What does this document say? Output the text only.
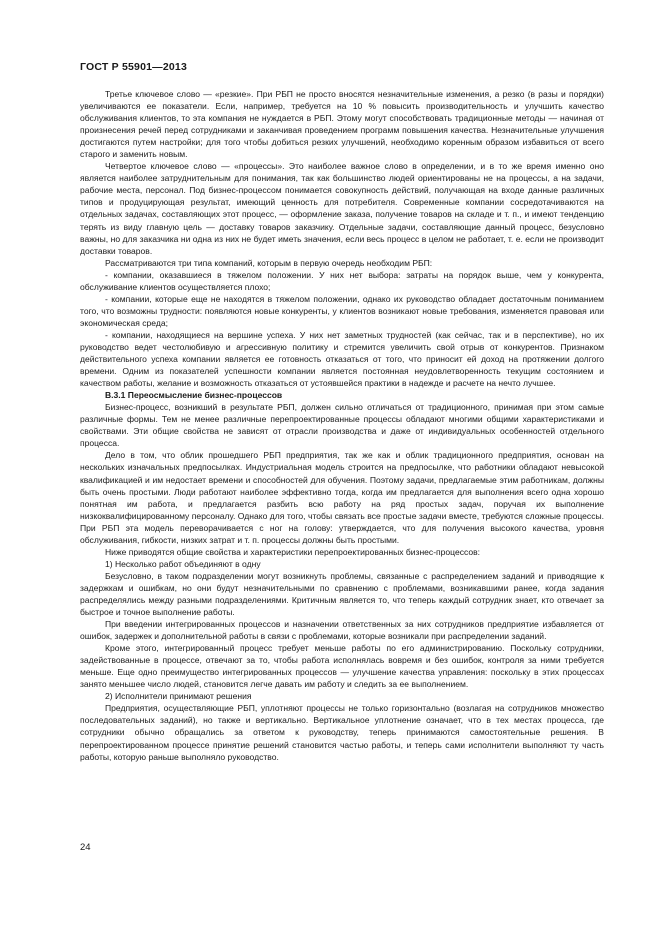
ГОСТ Р 55901—2013

Третье ключевое слово — «резкие». При РБП не просто вносятся незначительные изменения, а резко (в разы и порядки) увеличиваются ее показатели. Если, например, требуется на 10 % повысить производительность и улучшить качество обслуживания клиентов, то эта компания не нуждается в РБП. Этому могут способствовать традиционные методы — начиная от произнесения речей перед сотрудниками и заканчивая проведением программ повышения качества. Незначительные улучшения достигаются путем настройки; для того чтобы добиться резких улучшений, необходимо коренным образом избавиться от всего старого и заменить новым.

Четвертое ключевое слово — «процессы». Это наиболее важное слово в определении, и в то же время именно оно является наиболее затруднительным для понимания, так как большинство людей ориентированы не на процессы, а на задачи, рабочие места, персонал. Под бизнес-процессом понимается совокупность действий, получающая на входе данные различных типов и продуцирующая результат, имеющий ценность для потребителя. Современные компании сосредотачиваются на отдельных задачах, составляющих этот процесс, — оформление заказа, получение товаров на складе и т. п., и имеют тенденцию терять из виду главную цель — доставку товаров заказчику. Отдельные задачи, составляющие данный процесс, безусловно важны, но для заказчика ни одна из них не будет иметь значения, если весь процесс в целом не работает, т. е. если не производит доставки товаров.

Рассматриваются три типа компаний, которым в первую очередь необходим РБП:

- компании, оказавшиеся в тяжелом положении. У них нет выбора: затраты на порядок выше, чем у конкурента, обслуживание клиентов осуществляется плохо;

- компании, которые еще не находятся в тяжелом положении, однако их руководство обладает достаточным пониманием того, что возможны трудности: появляются новые конкуренты, у клиентов возникают новые требования, изменяется правовая или экономическая среда;

- компании, находящиеся на вершине успеха. У них нет заметных трудностей (как сейчас, так и в перспективе), но их руководство ведет честолюбивую и агрессивную политику и стремится увеличить свой отрыв от конкурентов. Признаком действительного успеха компании является ее готовность отказаться от того, что приносит ей доход на протяжении долгого времени. Одним из показателей успешности компании является постоянная неудовлетворенность текущим состоянием и качеством работы, желание и возможность отказаться от устоявшейся практики в надежде и расчете на нечто лучшее.

В.3.1 Переосмысление бизнес-процессов

Бизнес-процесс, возникший в результате РБП, должен сильно отличаться от традиционного, принимая при этом самые различные формы. Тем не менее различные перепроектированные процессы обладают многими общими характеристиками и свойствами. Эти общие свойства не зависят от отрасли производства и даже от индивидуальных особенностей отдельного процесса.

Дело в том, что облик прошедшего РБП предприятия, так же как и облик традиционного предприятия, основан на нескольких изначальных предпосылках. Индустриальная модель строится на предпосылке, что работники обладают невысокой квалификацией и им недостает времени и способностей для обучения. Поэтому задачи, предлагаемые этим работникам, должны быть очень простыми. Люди работают наиболее эффективно тогда, когда им предлагается для выполнения всего одна хорошо понятная им работа, и предлагается разбить всю работу на ряд простых задач, поручая их выполнение низкоквалифицированному персоналу. Однако для того, чтобы связать все простые задачи вместе, требуются сложные процессы. При РБП эта модель переворачивается с ног на голову: утверждается, что для получения высокого качества, уровня обслуживания, гибкости, низких затрат и т. п. процессы должны быть простыми.

Ниже приводятся общие свойства и характеристики перепроектированных бизнес-процессов:

1) Несколько работ объединяют в одну

Безусловно, в таком подразделении могут возникнуть проблемы, связанные с распределением заданий и приводящие к задержкам и ошибкам, но они будут незначительными по сравнению с проблемами, возникавшими ранее, когда задания распределялись между разными подразделениями. Критичным является то, что теперь каждый сотрудник знает, кто отвечает за быстрое и точное выполнение работы.

При введении интегрированных процессов и назначении ответственных за них сотрудников предприятие избавляется от ошибок, задержек и дополнительной работы в связи с проблемами, которые возникали при распределении заданий.

Кроме этого, интегрированный процесс требует меньше работы по его администрированию. Поскольку сотрудники, задействованные в процессе, отвечают за то, чтобы работа исполнялась вовремя и без ошибок, контроля за ними требуется меньше. Еще одно преимущество интегрированных процессов — улучшение качества управления: поскольку в этих процессах занято меньшее число людей, становится легче давать им работу и следить за ее выполнением.

2) Исполнители принимают решения

Предприятия, осуществляющие РБП, уплотняют процессы не только горизонтально (возлагая на сотрудников множество последовательных заданий), но также и вертикально. Вертикальное уплотнение означает, что в тех местах процесса, где сотрудники обычно обращались за ответом к руководству, теперь принимаются самостоятельные решения. В перепроектированном процессе принятие решений становится частью работы, и теперь сами исполнители выполняют ту часть работы, которую раньше выполняло руководство.

24
